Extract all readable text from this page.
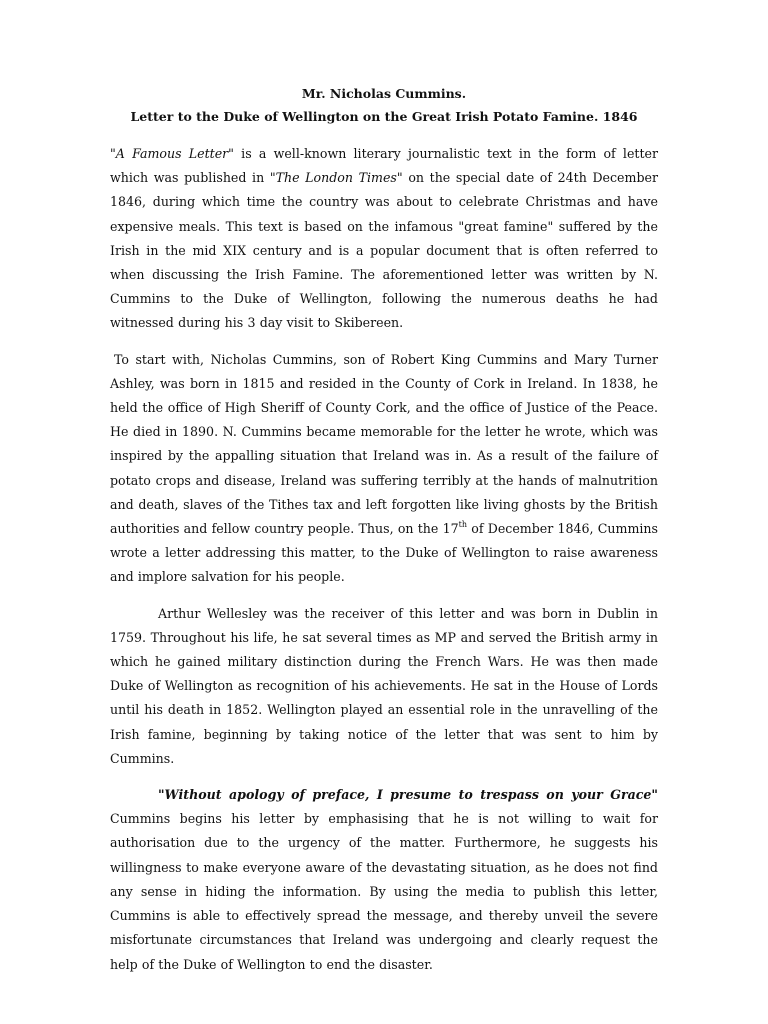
Mr. Nicholas Cummins.

Letter to the Duke of Wellington on the Great Irish Potato Famine. 1846

"A Famous Letter" is a well-known literary journalistic text in the form of letter which was published in "The London Times" on the special date of 24th December 1846, during which time the country was about to celebrate Christmas and have expensive meals. This text is based on the infamous "great famine" suffered by the Irish in the mid XIX century and is a popular document that is often referred to when discussing the Irish Famine. The aforementioned letter was written by N. Cummins to the Duke of Wellington, following the numerous deaths he had witnessed during his 3 day visit to Skibereen.

To start with, Nicholas Cummins, son of Robert King Cummins and Mary Turner Ashley, was born in 1815 and resided in the County of Cork in Ireland. In 1838, he held the office of High Sheriff of County Cork, and the office of Justice of the Peace. He died in 1890. N. Cummins became memorable for the letter he wrote, which was inspired by the appalling situation that Ireland was in. As a result of the failure of potato crops and disease, Ireland was suffering terribly at the hands of malnutrition and death, slaves of the Tithes tax and left forgotten like living ghosts by the British authorities and fellow country people. Thus, on the 17th of December 1846, Cummins wrote a letter addressing this matter, to the Duke of Wellington to raise awareness and implore salvation for his people.

Arthur Wellesley was the receiver of this letter and was born in Dublin in 1759. Throughout his life, he sat several times as MP and served the British army in which he gained military distinction during the French Wars. He was then made Duke of Wellington as recognition of his achievements. He sat in the House of Lords until his death in 1852. Wellington played an essential role in the unravelling of the Irish famine, beginning by taking notice of the letter that was sent to him by Cummins.

"Without apology of preface, I presume to trespass on your Grace" Cummins begins his letter by emphasising that he is not willing to wait for authorisation due to the urgency of the matter. Furthermore, he suggests his willingness to make everyone aware of the devastating situation, as he does not find any sense in hiding the information. By using the media to publish this letter, Cummins is able to effectively spread the message, and thereby unveil the severe misfortunate circumstances that Ireland was undergoing and clearly request the help of the Duke of Wellington to end the disaster.
